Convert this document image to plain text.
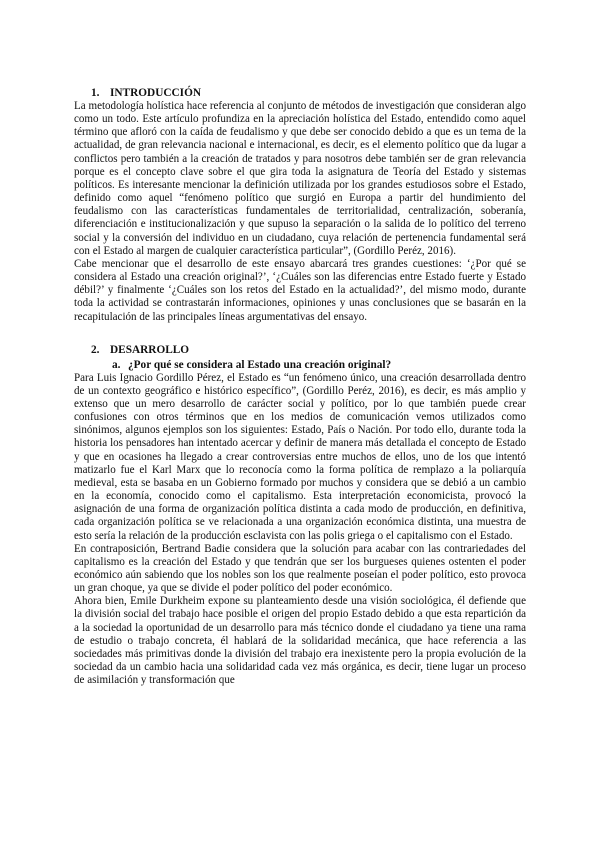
1. INTRODUCCIÓN

La metodología holística hace referencia al conjunto de métodos de investigación que consideran algo como un todo. Este artículo profundiza en la apreciación holística del Estado, entendido como aquel término que afloró con la caída de feudalismo y que debe ser conocido debido a que es un tema de la actualidad, de gran relevancia nacional e internacional, es decir, es el elemento político que da lugar a conflictos pero también a la creación de tratados y para nosotros debe también ser de gran relevancia porque es el concepto clave sobre el que gira toda la asignatura de Teoría del Estado y sistemas políticos. Es interesante mencionar la definición utilizada por los grandes estudiosos sobre el Estado, definido como aquel “fenómeno político que surgió en Europa a partir del hundimiento del feudalismo con las características fundamentales de territorialidad, centralización, soberanía, diferenciación e institucionalización y que supuso la separación o la salida de lo político del terreno social y la conversión del individuo en un ciudadano, cuya relación de pertenencia fundamental será con el Estado al margen de cualquier característica particular”, (Gordillo Peréz, 2016).

Cabe mencionar que el desarrollo de este ensayo abarcará tres grandes cuestiones: ‘¿Por qué se considera al Estado una creación original?’, ‘¿Cuáles son las diferencias entre Estado fuerte y Estado débil?’ y finalmente ‘¿Cuáles son los retos del Estado en la actualidad?’, del mismo modo, durante toda la actividad se contrastarán informaciones, opiniones y unas conclusiones que se basarán en la recapitulación de las principales líneas argumentativas del ensayo.

2. DESARROLLO
a. ¿Por qué se considera al Estado una creación original?

Para Luis Ignacio Gordillo Pérez, el Estado es “un fenómeno único, una creación desarrollada dentro de un contexto geográfico e histórico específico”, (Gordillo Peréz, 2016), es decir, es más amplio y extenso que un mero desarrollo de carácter social y político, por lo que también puede crear confusiones con otros términos que en los medios de comunicación vemos utilizados como sinónimos, algunos ejemplos son los siguientes: Estado, País o Nación. Por todo ello, durante toda la historia los pensadores han intentado acercar y definir de manera más detallada el concepto de Estado y que en ocasiones ha llegado a crear controversias entre muchos de ellos, uno de los que intentó matizarlo fue el Karl Marx que lo reconocía como la forma política de remplazo a la poliarquía medieval, esta se basaba en un Gobierno formado por muchos y considera que se debió a un cambio en la economía, conocido como el capitalismo. Esta interpretación economicista, provocó la asignación de una forma de organización política distinta a cada modo de producción, en definitiva, cada organización política se ve relacionada a una organización económica distinta, una muestra de esto sería la relación de la producción esclavista con las polis griega o el capitalismo con el Estado.

En contraposición, Bertrand Badie considera que la solución para acabar con las contrariedades del capitalismo es la creación del Estado y que tendrán que ser los burgueses quienes ostenten el poder económico aún sabiendo que los nobles son los que realmente poseían el poder político, esto provoca un gran choque, ya que se divide el poder político del poder económico.

Ahora bien, Emile Durkheim expone su planteamiento desde una visión sociológica, él defiende que la división social del trabajo hace posible el origen del propio Estado debido a que esta repartición da a la sociedad la oportunidad de un desarrollo para más técnico donde el ciudadano ya tiene una rama de estudio o trabajo concreta, él hablará de la solidaridad mecánica, que hace referencia a las sociedades más primitivas donde la división del trabajo era inexistente pero la propia evolución de la sociedad da un cambio hacia una solidaridad cada vez más orgánica, es decir, tiene lugar un proceso de asimilación y transformación que
